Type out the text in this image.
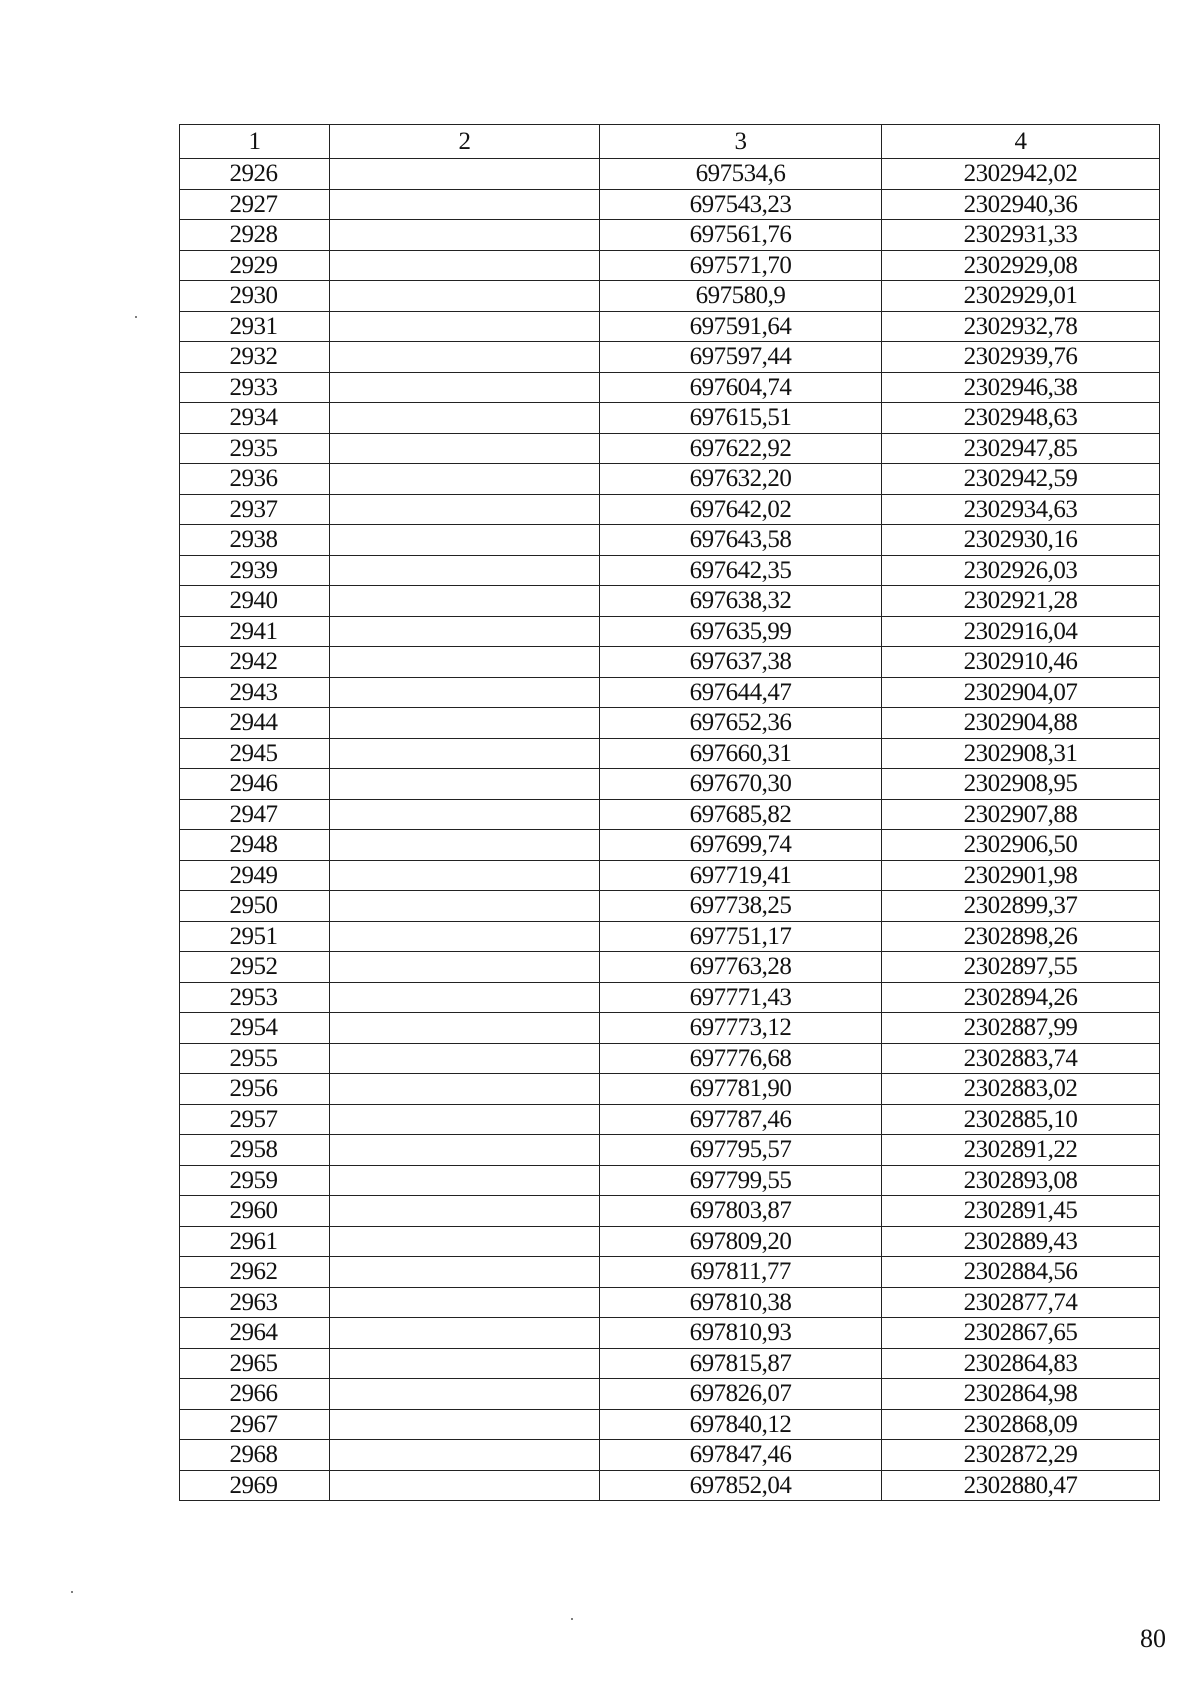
1	2	3	4
2926		697534,6	2302942,02
2927		697543,23	2302940,36
2928		697561,76	2302931,33
2929		697571,70	2302929,08
2930		697580,9	2302929,01
2931		697591,64	2302932,78
2932		697597,44	2302939,76
2933		697604,74	2302946,38
2934		697615,51	2302948,63
2935		697622,92	2302947,85
2936		697632,20	2302942,59
2937		697642,02	2302934,63
2938		697643,58	2302930,16
2939		697642,35	2302926,03
2940		697638,32	2302921,28
2941		697635,99	2302916,04
2942		697637,38	2302910,46
2943		697644,47	2302904,07
2944		697652,36	2302904,88
2945		697660,31	2302908,31
2946		697670,30	2302908,95
2947		697685,82	2302907,88
2948		697699,74	2302906,50
2949		697719,41	2302901,98
2950		697738,25	2302899,37
2951		697751,17	2302898,26
2952		697763,28	2302897,55
2953		697771,43	2302894,26
2954		697773,12	2302887,99
2955		697776,68	2302883,74
2956		697781,90	2302883,02
2957		697787,46	2302885,10
2958		697795,57	2302891,22
2959		697799,55	2302893,08
2960		697803,87	2302891,45
2961		697809,20	2302889,43
2962		697811,77	2302884,56
2963		697810,38	2302877,74
2964		697810,93	2302867,65
2965		697815,87	2302864,83
2966		697826,07	2302864,98
2967		697840,12	2302868,09
2968		697847,46	2302872,29
2969		697852,04	2302880,47
80
